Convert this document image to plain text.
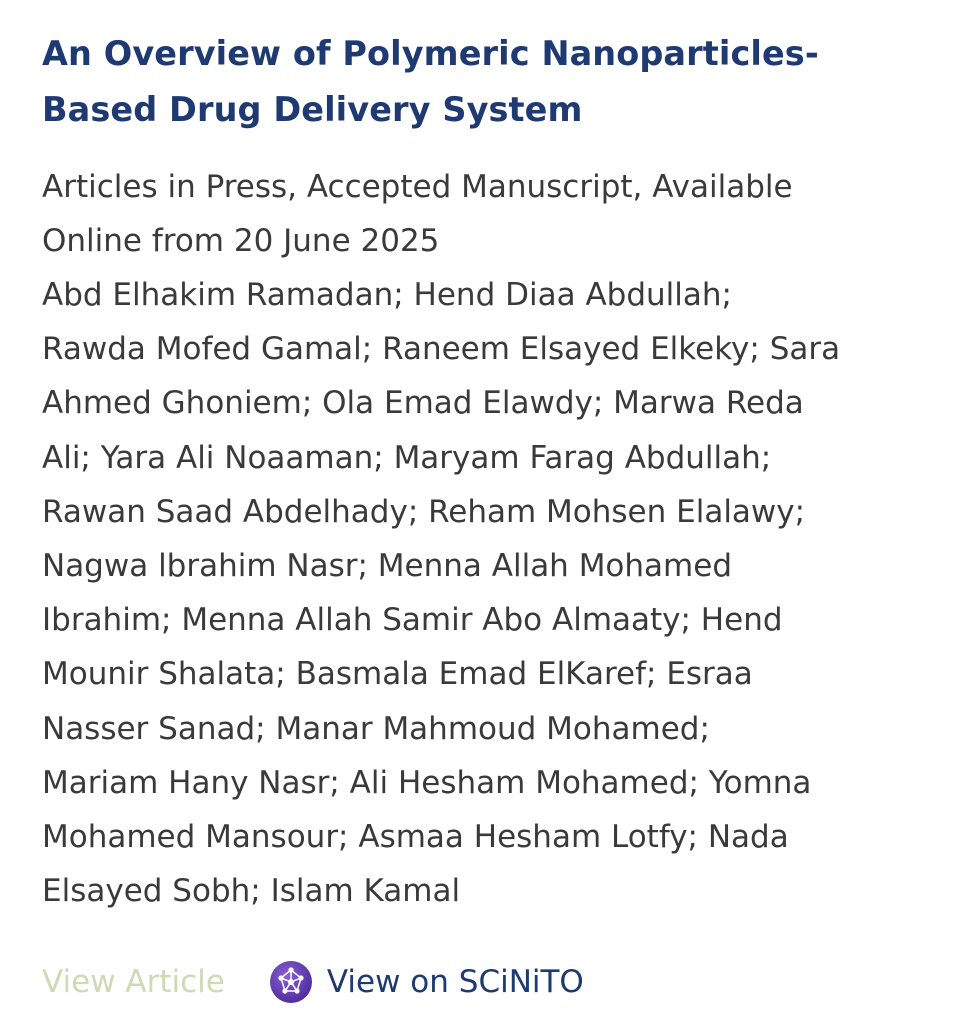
An Overview of Polymeric Nanoparticles-
Based Drug Delivery System

Articles in Press, Accepted Manuscript, Available
Online from 20 June 2025

Abd Elhakim Ramadan; Hend Diaa Abdullah;
Rawda Mofed Gamal; Raneem Elsayed Elkeky; Sara
Ahmed Ghoniem; Ola Emad Elawdy; Marwa Reda
Ali; Yara Ali Noaaman; Maryam Farag Abdullah;
Rawan Saad Abdelhady; Reham Mohsen Elalawy;
Nagwa lbrahim Nasr; Menna Allah Mohamed
Ibrahim; Menna Allah Samir Abo Almaaty; Hend
Mounir Shalata; Basmala Emad ElKaref; Esraa
Nasser Sanad; Manar Mahmoud Mohamed;
Mariam Hany Nasr; Ali Hesham Mohamed; Yomna
Mohamed Mansour; Asmaa Hesham Lotfy; Nada
Elsayed Sobh; Islam Kamal

View Article	View on SCiNiTO
